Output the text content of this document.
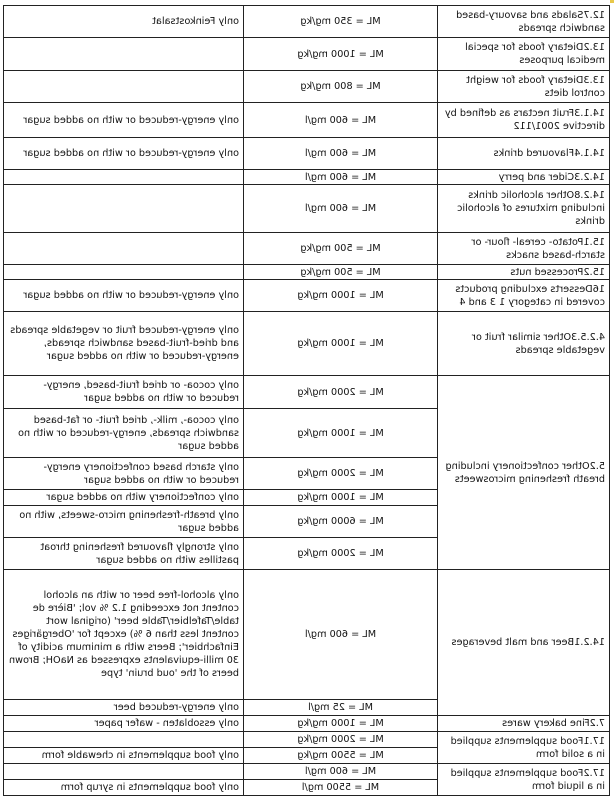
12.7Salads and savoury-based sandwich spreads	ML = 350 mg/kg	only Feinkostsalat
13.2Dietary foods for special medical purposes	ML = 1000 mg/kg	
13.3Dietary foods for weight control diets	ML = 800 mg/kg	
14.1.3Fruit nectars as defined by directive 2001/112	ML = 600 mg/l	only energy-reduced or with no added sugar
14.1.4Flavoured drinks	ML = 600 mg/l	only energy-reduced or with no added sugar
14.2.3Cider and perry	ML = 600 mg/l	
14.2.8Other alcoholic drinks including mixtures of alcoholic drinks	ML = 600 mg/l	
15.1Potato- cereal- flour- or starch-based snacks	ML = 500 mg/kg	
15.2Processed nuts	ML = 500 mg/kg	
16Desserts excluding products covered in category 1 3 and 4	ML = 1000 mg/kg	only energy-reduced or with no added sugar
4.2.5.3Other similar fruit or vegetable spreads	ML = 1000 mg/kg	only energy-reduced fruit or vegetable spreads and dried-fruit-based sandwich spreads, energy-reduced or with no added sugar
5.2Other confectionery including breath freshening microsweets	ML = 2000 mg/kg	only cocoa- or dried fruit-based, energy-reduced or with no added sugar
	ML = 1000 mg/kg	only cocoa-, milk-, dried fruit- or fat-based sandwich spreads, energy-reduced or with no added sugar
	ML = 2000 mg/kg	only starch based confectionery energy-reduced or with no added sugar
	ML = 1000 mg/kg	only confectionery with no added sugar
	ML = 6000 mg/kg	only breath-freshening micro-sweets, with no added sugar
	ML = 2000 mg/kg	only strongly flavoured freshening throat pastilles with no added sugar
14.2.1Beer and malt beverages	ML = 600 mg/l	only alcohol-free beer or with an alcohol content not exceeding 1.2 % vol; 'Bière de table/Tafelbier/Table beer' (original wort content less than 6 %) except for 'Obergäriges Einfachbier'; Beers with a minimum acidity of 30 milli-equivalents expressed as NaOH; Brown beers of the 'oud bruin' type
	ML = 25 mg/l	only energy-reduced beer
7.2Fine bakery wares	ML = 1000 mg/kg	only essoblaten - wafer paper
17.1Food supplements supplied in a solid form	ML = 2000 mg/kg	
	ML = 5500 mg/kg	only food supplements in chewable form
17.2Food supplements supplied in a liquid form	ML = 600 mg/l	
	ML = 5500 mg/l	only food supplements in syrup form
